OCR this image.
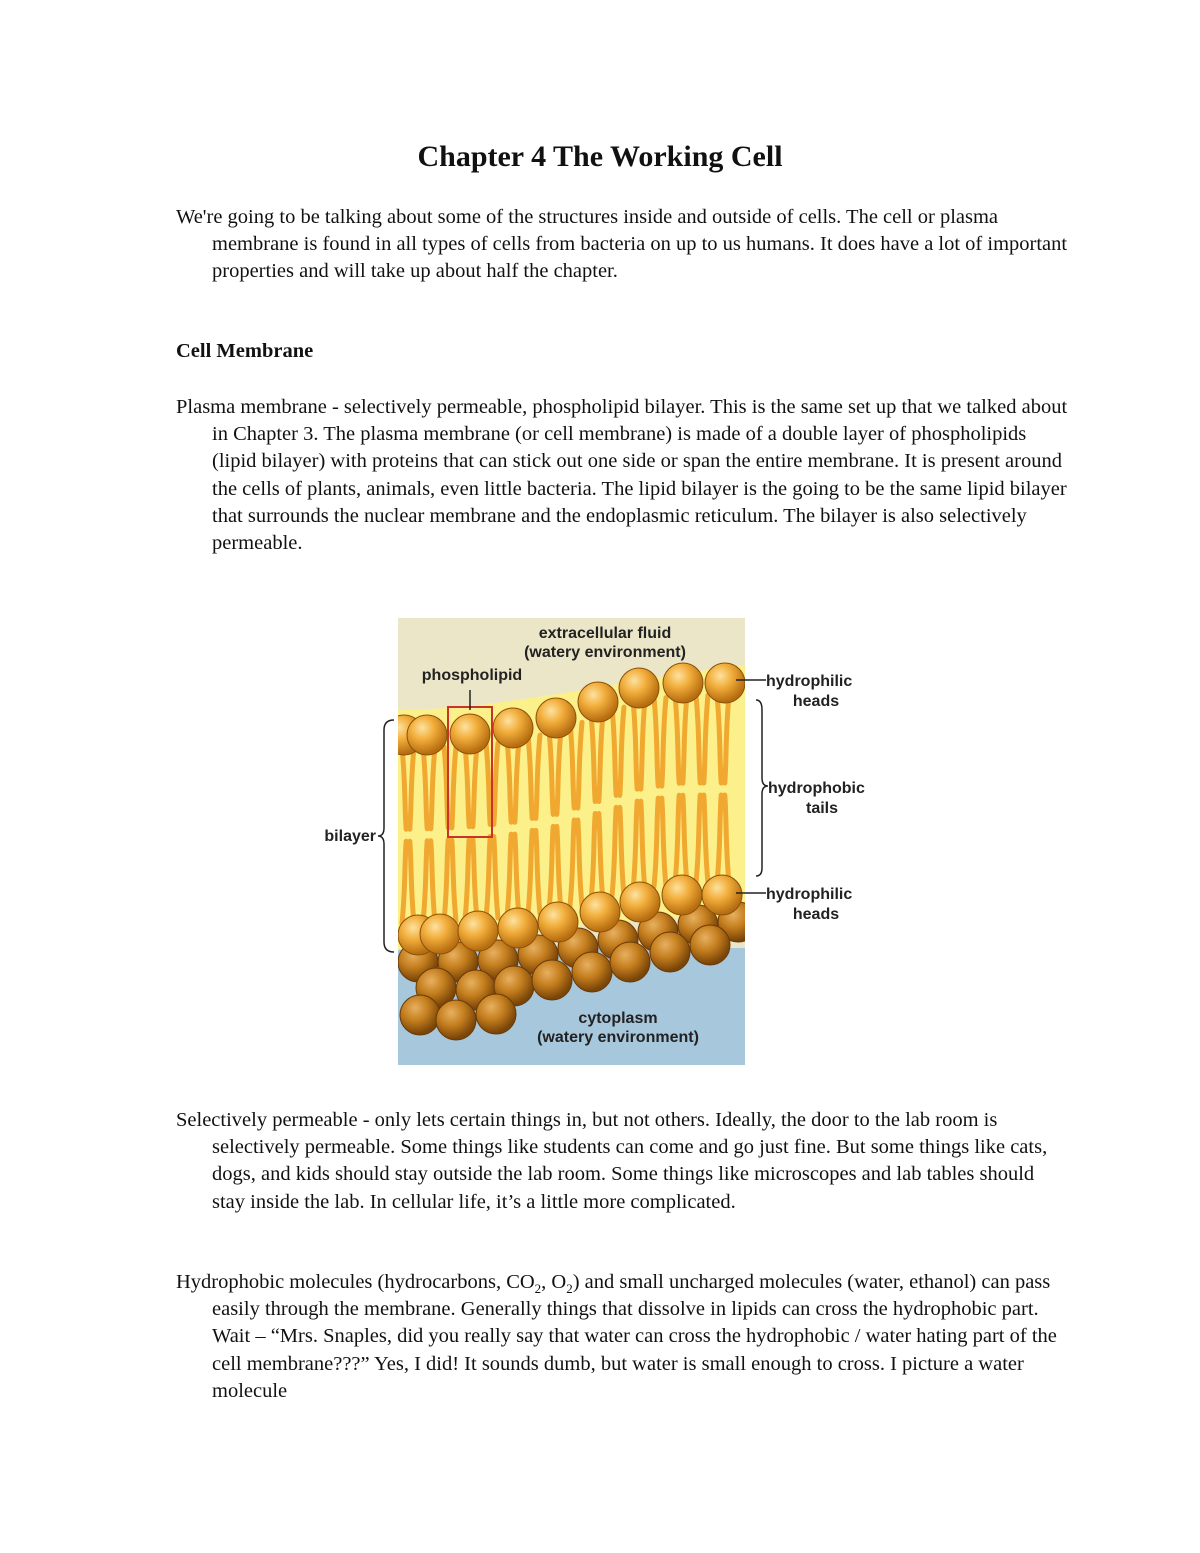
Chapter 4 The Working Cell

We're going to be talking about some of the structures inside and outside of cells. The cell or plasma membrane is found in all types of cells from bacteria on up to us humans. It does have a lot of important properties and will take up about half the chapter.

Cell Membrane

Plasma membrane - selectively permeable, phospholipid bilayer. This is the same set up that we talked about in Chapter 3. The plasma membrane (or cell membrane) is made of a double layer of phospholipids (lipid bilayer) with proteins that can stick out one side or span the entire membrane. It is present around the cells of plants, animals, even little bacteria. The lipid bilayer is the going to be the same lipid bilayer that surrounds the nuclear membrane and the endoplasmic reticulum. The bilayer is also selectively permeable.

extracellular fluid
(watery environment)
phospholipid	hydrophilic
heads
hydrophobic
tails
hydrophilic
heads
bilayer
cytoplasm
(watery environment)

Selectively permeable - only lets certain things in, but not others. Ideally, the door to the lab room is selectively permeable. Some things like students can come and go just fine. But some things like cats, dogs, and kids should stay outside the lab room. Some things like microscopes and lab tables should stay inside the lab. In cellular life, it’s a little more complicated.

Hydrophobic molecules (hydrocarbons, $CO_2$, $O_2$) and small uncharged molecules (water, ethanol) can pass easily through the membrane. Generally things that dissolve in lipids can cross the hydrophobic part. Wait – “Mrs. Snaples, did you really say that water can cross the hydrophobic / water hating part of the cell membrane???” Yes, I did! It sounds dumb, but water is small enough to cross. I picture a water molecule
